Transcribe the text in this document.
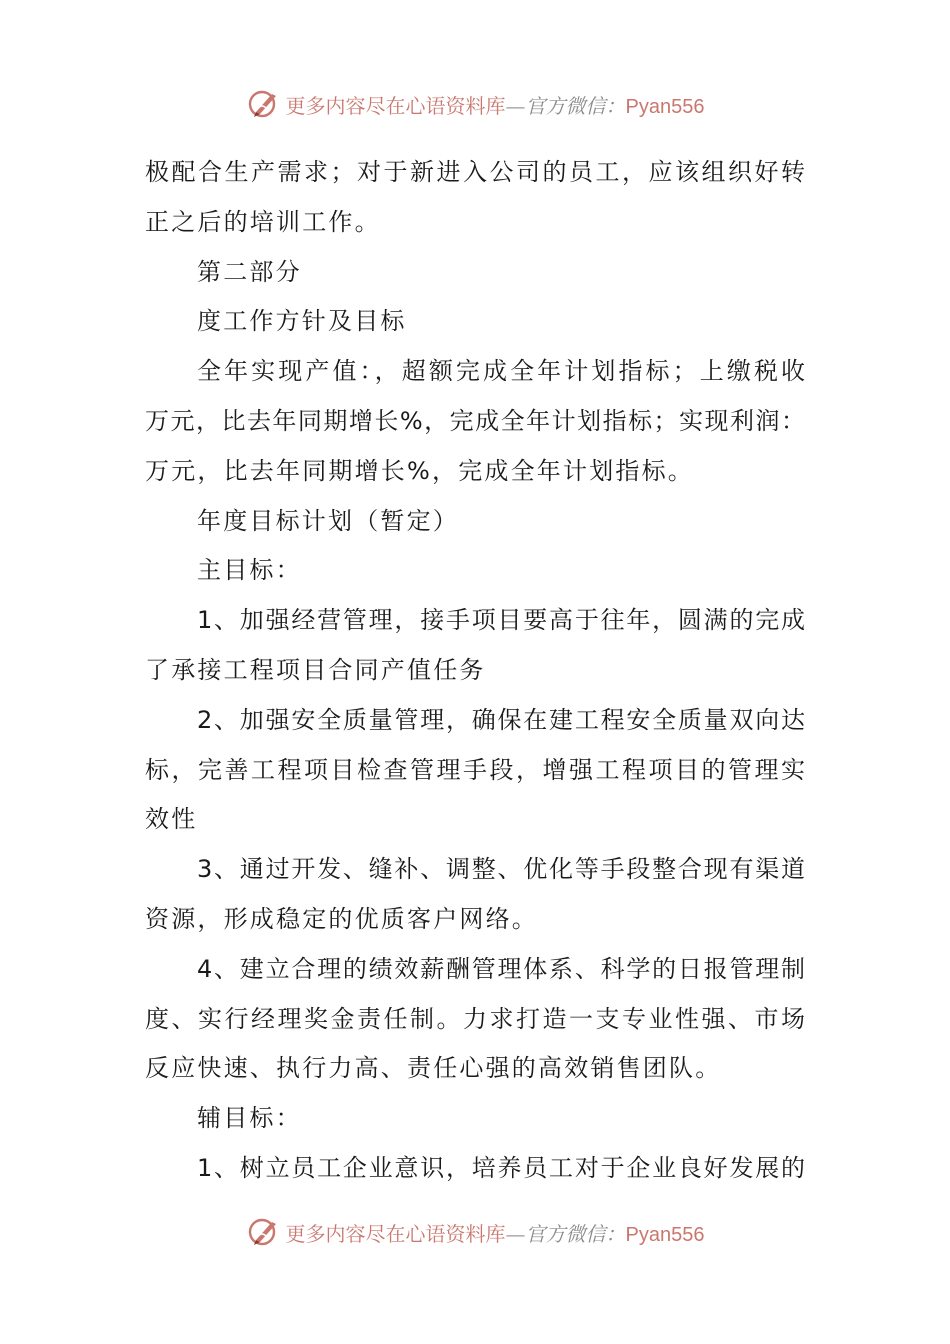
更多内容尽在心语资料库—官方微信：Pyan556
极配合生产需求；对于新进入公司的员工，应该组织好转
正之后的培训工作。
第二部分
度工作方针及目标
全年实现产值：，超额完成全年计划指标；上缴税收
万元，比去年同期增长%，完成全年计划指标；实现利润：
万元，比去年同期增长%，完成全年计划指标。
年度目标计划（暂定）
主目标：
1、加强经营管理，接手项目要高于往年，圆满的完成
了承接工程项目合同产值任务
2、加强安全质量管理，确保在建工程安全质量双向达
标，完善工程项目检查管理手段，增强工程项目的管理实
效性
3、通过开发、缝补、调整、优化等手段整合现有渠道
资源，形成稳定的优质客户网络。
4、建立合理的绩效薪酬管理体系、科学的日报管理制
度、实行经理奖金责任制。力求打造一支专业性强、市场
反应快速、执行力高、责任心强的高效销售团队。
辅目标：
1、树立员工企业意识，培养员工对于企业良好发展的
更多内容尽在心语资料库—官方微信：Pyan556
